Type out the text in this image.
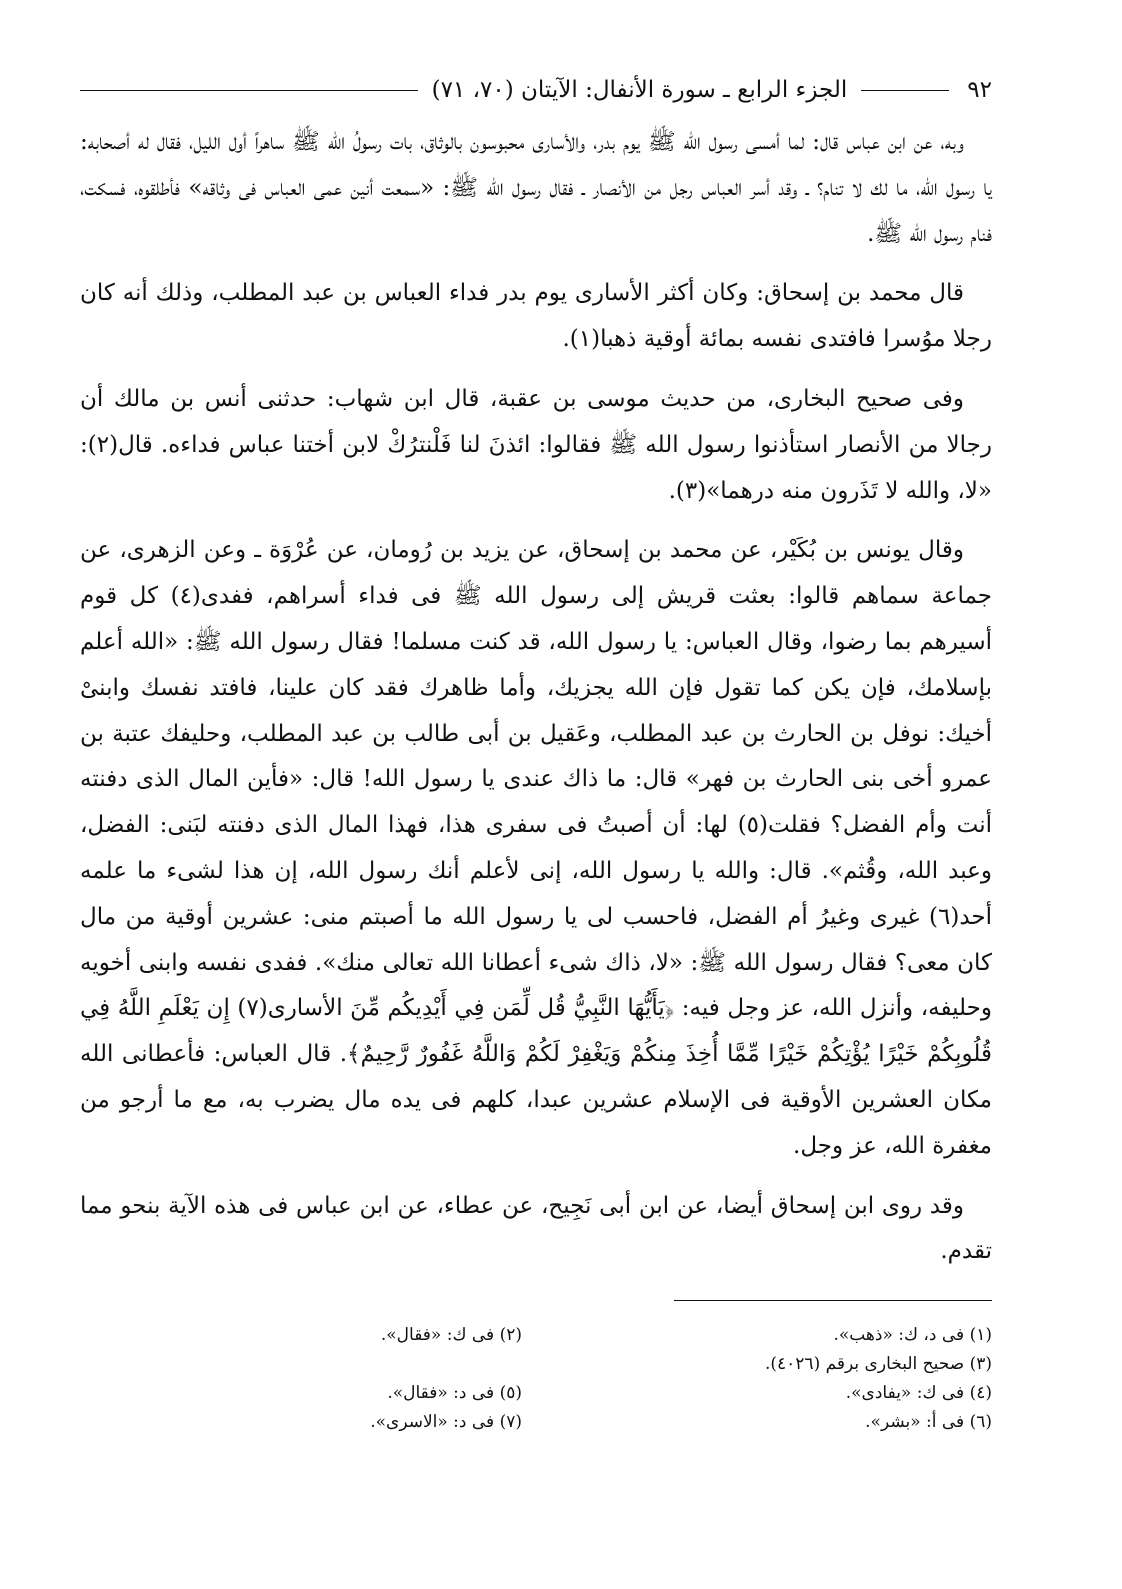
٩٢
الجزء الرابع ـ سورة الأنفال: الآيتان (٧٠، ٧١)

وبه، عن ابن عباس قال: لما أمسى رسول الله ﷺ يوم بدر، والأسارى محبوسون بالوثاق، بات رسولُ الله ﷺ ساهراً أول الليل، فقال له أصحابه: يا رسول الله، ما لك لا تنام؟ ـ وقد أسر العباس رجل من الأنصار ـ فقال رسول الله ﷺ: «سمعت أنين عمى العباس فى وثاقه» فأطلقوه، فسكت، فنام رسول الله ﷺ.

قال محمد بن إسحاق: وكان أكثر الأسارى يوم بدر فداء العباس بن عبد المطلب، وذلك أنه كان رجلا موُسرا فافتدى نفسه بمائة أوقية ذهبا(١).

وفى صحيح البخارى، من حديث موسى بن عقبة، قال ابن شهاب: حدثنى أنس بن مالك أن رجالا من الأنصار استأذنوا رسول الله ﷺ فقالوا: ائذنَ لنا فَلْنترُكْ لابن أختنا عباس فداءه. قال(٢): «لا، والله لا تَذَرون منه درهما»(٣).

وقال يونس بن بُكَيْر، عن محمد بن إسحاق، عن يزيد بن رُومان، عن عُرْوَة ـ وعن الزهرى، عن جماعة سماهم قالوا: بعثت قريش إلى رسول الله ﷺ فى فداء أسراهم، ففدى(٤) كل قوم أسيرهم بما رضوا، وقال العباس: يا رسول الله، قد كنت مسلما! فقال رسول الله ﷺ: «الله أعلم بإسلامك، فإن يكن كما تقول فإن الله يجزيك، وأما ظاهرك فقد كان علينا، فافتد نفسك وابنىْ أخيك: نوفل بن الحارث بن عبد المطلب، وعَقيل بن أبى طالب بن عبد المطلب، وحليفك عتبة بن عمرو أخى بنى الحارث بن فهر» قال: ما ذاك عندى يا رسول الله! قال: «فأين المال الذى دفنته أنت وأم الفضل؟ فقلت(٥) لها: أن أصبتُ فى سفرى هذا، فهذا المال الذى دفنته لبَنى: الفضل، وعبد الله، وقُثم». قال: والله يا رسول الله، إنى لأعلم أنك رسول الله، إن هذا لشىء ما علمه أحد(٦) غيرى وغيرُ أم الفضل، فاحسب لى يا رسول الله ما أصبتم منى: عشرين أوقية من مال كان معى؟ فقال رسول الله ﷺ: «لا، ذاك شىء أعطانا الله تعالى منك». ففدى نفسه وابنى أخويه وحليفه، وأنزل الله، عز وجل فيه: ﴿يَأَيُّهَا النَّبِيُّ قُل لِّمَن فِي أَيْدِيكُم مِّنَ الأسارى(٧) إِن يَعْلَمِ اللَّهُ فِي قُلُوبِكُمْ خَيْرًا يُؤْتِكُمْ خَيْرًا مِّمَّا أُخِذَ مِنكُمْ وَيَغْفِرْ لَكُمْ وَاللَّهُ غَفُورٌ رَّحِيمٌ﴾. قال العباس: فأعطانى الله مكان العشرين الأوقية فى الإسلام عشرين عبدا، كلهم فى يده مال يضرب به، مع ما أرجو من مغفرة الله، عز وجل.

وقد روى ابن إسحاق أيضا، عن ابن أبى نَجِيح، عن عطاء، عن ابن عباس فى هذه الآية بنحو مما تقدم.

(١) فى د، ك: «ذهب».
(٢) فى ك: «فقال».
(٣) صحيح البخارى برقم (٤٠٢٦).
(٤) فى ك: «يفادى».
(٥) فى د: «فقال».
(٦) فى أ: «بشر».
(٧) فى د: «الاسرى».
